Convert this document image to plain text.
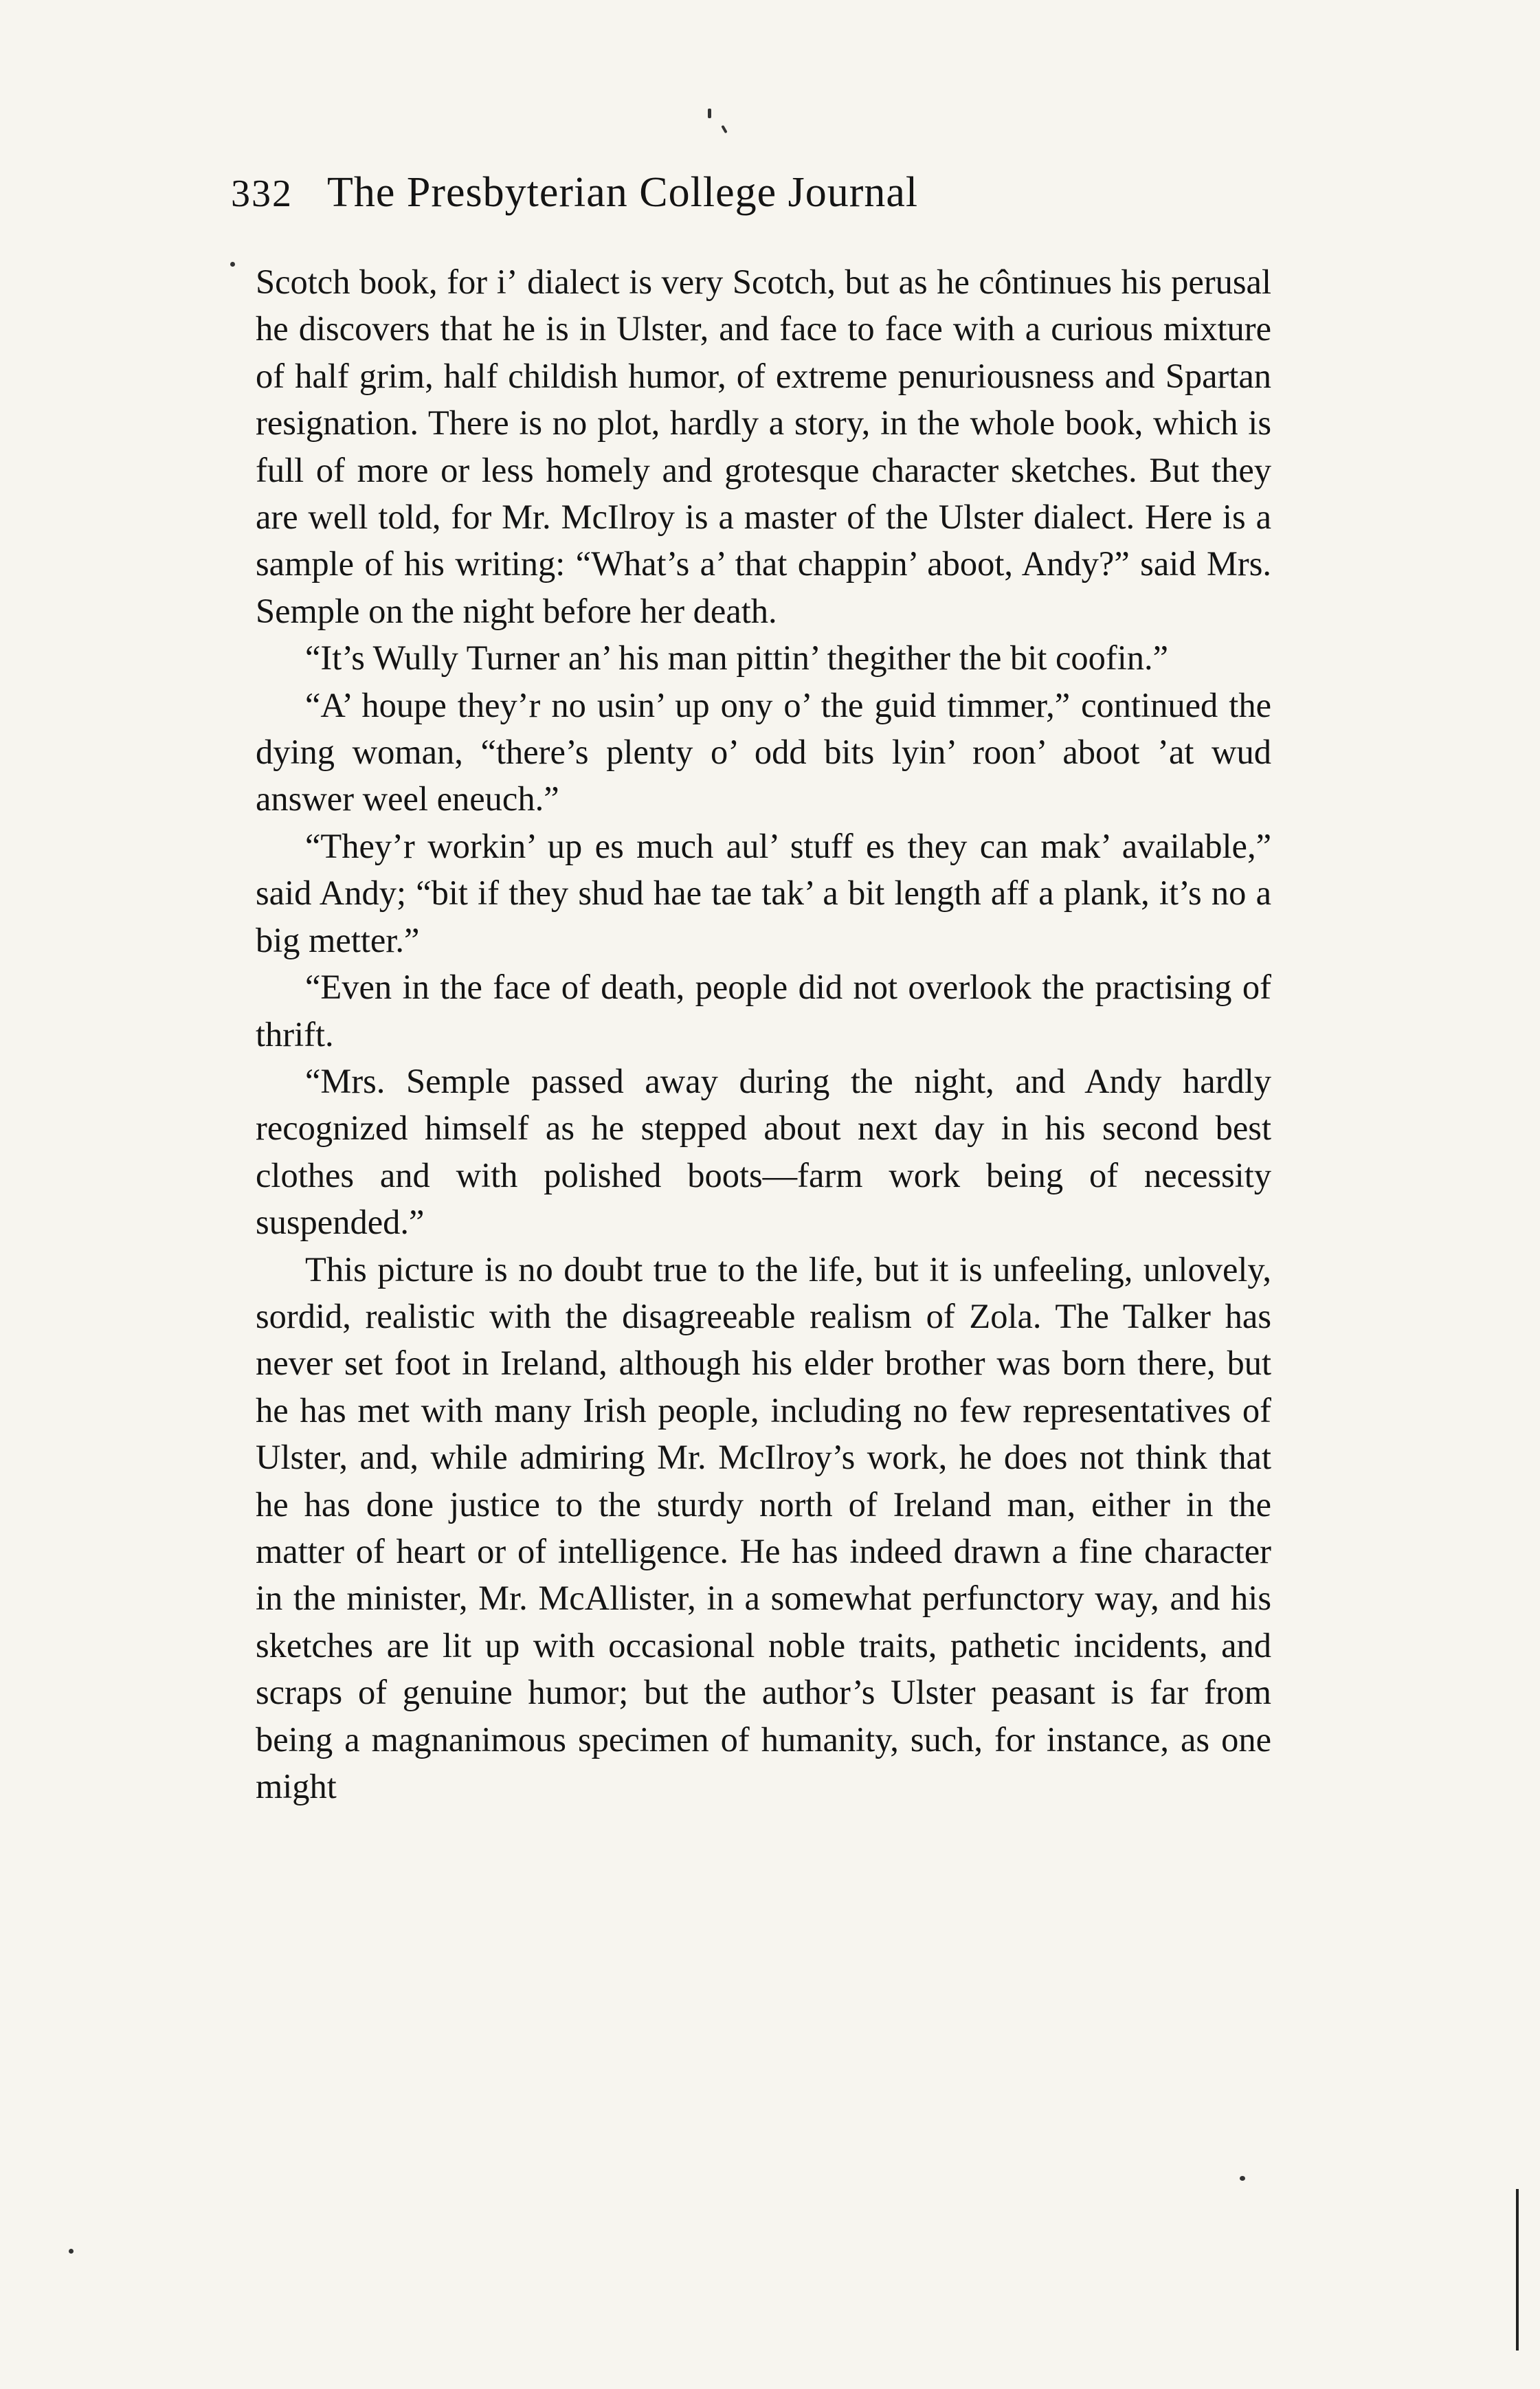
332 The Presbyterian College Journal

Scotch book, for iʼ dialect is very Scotch, but as he côntinues his perusal he discovers that he is in Ulster, and face to face with a curious mixture of half grim, half childish humor, of extreme penuriousness and Spartan resignation. There is no plot, hardly a story, in the whole book, which is full of more or less homely and grotesque character sketches. But they are well told, for Mr. McIlroy is a master of the Ulster dialect. Here is a sample of his writing: “What’s a’ that chappin’ aboot, Andy?” said Mrs. Semple on the night before her death.

“It’s Wully Turner an’ his man pittin’ thegither the bit coofin.”

“A’ houpe they’r no usin’ up ony o’ the guid timmer,” continued the dying woman, “there’s plenty o’ odd bits lyin’ roon’ aboot ’at wud answer weel eneuch.”

“They’r workin’ up es much aul’ stuff es they can mak’ available,” said Andy; “bit if they shud hae tae tak’ a bit length aff a plank, it’s no a big metter.”

“Even in the face of death, people did not overlook the practising of thrift.

“Mrs. Semple passed away during the night, and Andy hardly recognized himself as he stepped about next day in his second best clothes and with polished boots—farm work being of necessity suspended.”

This picture is no doubt true to the life, but it is unfeeling, unlovely, sordid, realistic with the disagreeable realism of Zola. The Talker has never set foot in Ireland, although his elder brother was born there, but he has met with many Irish people, including no few representatives of Ulster, and, while admiring Mr. McIlroy’s work, he does not think that he has done justice to the sturdy north of Ireland man, either in the matter of heart or of intelligence. He has indeed drawn a fine character in the minister, Mr. McAllister, in a somewhat perfunctory way, and his sketches are lit up with occasional noble traits, pathetic incidents, and scraps of genuine humor; but the author’s Ulster peasant is far from being a magnanimous specimen of humanity, such, for instance, as one might
